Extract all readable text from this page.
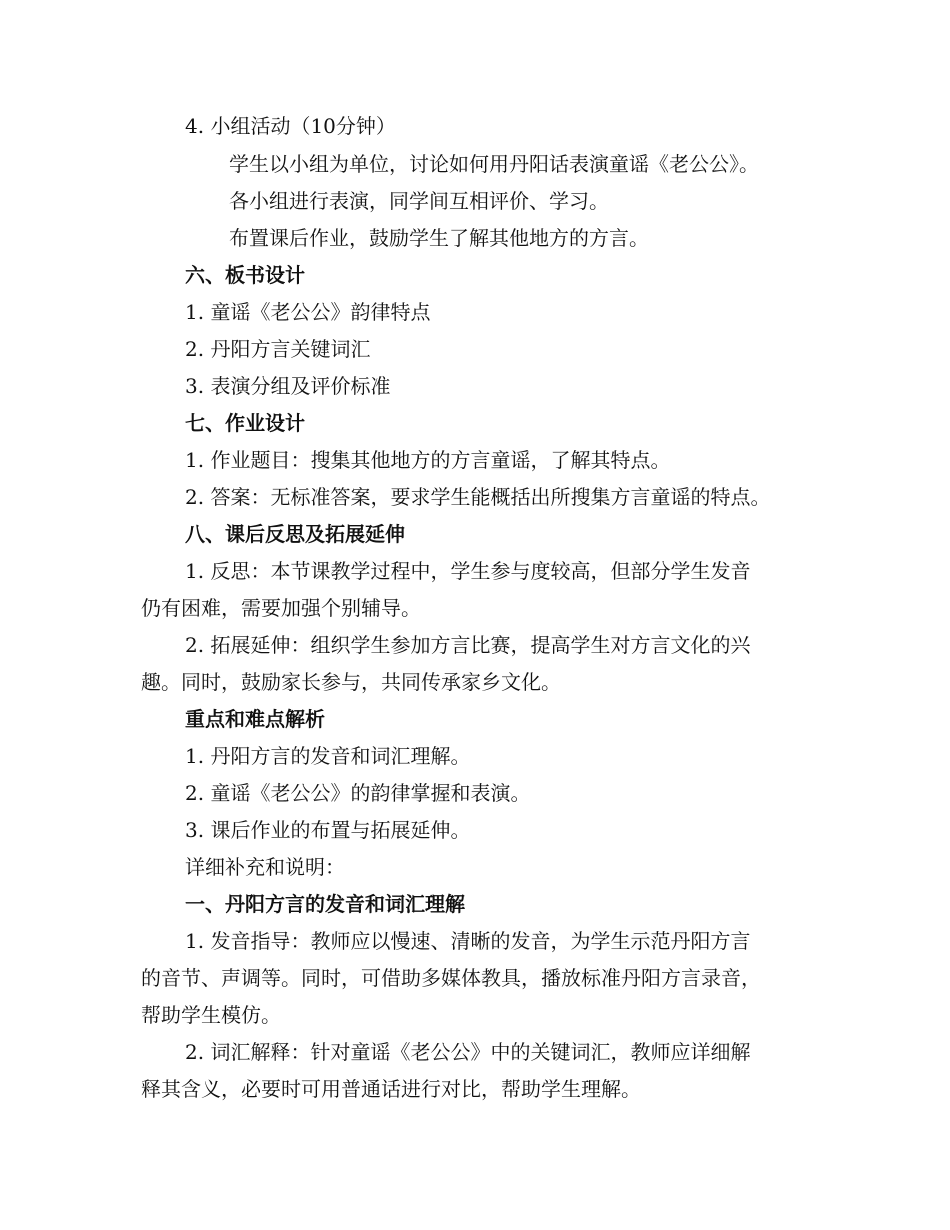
4. 小组活动（10分钟）
学生以小组为单位，讨论如何用丹阳话表演童谣《老公公》。
各小组进行表演，同学间互相评价、学习。
布置课后作业，鼓励学生了解其他地方的方言。
六、板书设计
1. 童谣《老公公》韵律特点
2. 丹阳方言关键词汇
3. 表演分组及评价标准
七、作业设计
1. 作业题目：搜集其他地方的方言童谣，了解其特点。
2. 答案：无标准答案，要求学生能概括出所搜集方言童谣的特点。
八、课后反思及拓展延伸
1. 反思：本节课教学过程中，学生参与度较高，但部分学生发音
仍有困难，需要加强个别辅导。
2. 拓展延伸：组织学生参加方言比赛，提高学生对方言文化的兴
趣。同时，鼓励家长参与，共同传承家乡文化。
重点和难点解析
1. 丹阳方言的发音和词汇理解。
2. 童谣《老公公》的韵律掌握和表演。
3. 课后作业的布置与拓展延伸。
详细补充和说明：
一、丹阳方言的发音和词汇理解
1. 发音指导：教师应以慢速、清晰的发音，为学生示范丹阳方言
的音节、声调等。同时，可借助多媒体教具，播放标准丹阳方言录音，
帮助学生模仿。
2. 词汇解释：针对童谣《老公公》中的关键词汇，教师应详细解
释其含义，必要时可用普通话进行对比，帮助学生理解。
